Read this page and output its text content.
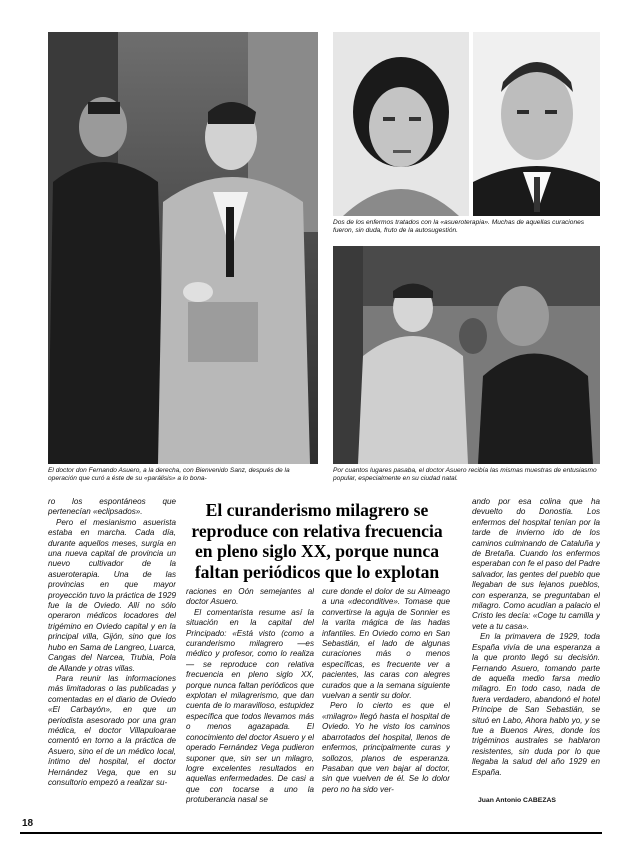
Dos de los enfermos tratados con la «asueroterapia». Muchas de aquellas curaciones fueron, sin duda, fruto de la autosugestión.
El doctor don Fernando Asuero, a la derecha, con Bienvenido Sanz, después de la operación que curó a éste de su «parálisis» a lo bona-
Por cuantos lugares pasaba, el doctor Asuero recibía las mismas muestras de entusiasmo popular, especialmente en su ciudad natal.
El curanderismo milagrero se reproduce con relativa frecuencia en pleno siglo XX, porque nunca faltan periódicos que lo explotan

ro los espontáneos que pertenecían «eclipsados».

Pero el mesianismo asuerista estaba en marcha. Cada día, durante aquellos meses, surgía en una nueva capital de provincia un nuevo cultivador de la asueroterapia. Una de las provincias en que mayor proyección tuvo la práctica de 1929 fue la de Oviedo. Allí no sólo operaron médicos locadores del trigémino en Oviedo capital y en la principal villa, Gijón, sino que los hubo en Sama de Langreo, Luarca, Cangas del Narcea, Trubia, Pola de Allande y otras villas.

Para reunir las informaciones más limitadoras o las publicadas y comentadas en el diario de Oviedo «El Carbayón», en que un periodista asesorado por una gran médica, el doctor Villapuloarae comentó en torno a la práctica de Asuero, sino el de un médico local, íntimo del hospital, el doctor Hernández Vega, que en su consultorio empezó a realizar su-

raciones en Oón semejantes al doctor Asuero.

El comentarista resume así la situación en la capital del Principado: «Está visto (como a curanderismo milagrero —es médico y profesor, como lo realiza— se reproduce con relativa frecuencia en pleno siglo XX, porque nunca faltan periódicos que explotan el milagrerismo, que dan cuenta de lo maravilloso, estupidez específica que todos llevamos más o menos agazapada. El conocimiento del doctor Asuero y el operado Fernández Vega pudieron suponer que, sin ser un milagro, logre excelentes resultados en aquellas enfermedades. De casi a que con tocarse a uno la protuberancia nasal se

cure donde el dolor de su Almeago a una «deconditive». Tomase que convertirse la aguja de Sonnier es la varita mágica de las hadas infantiles. En Oviedo como en San Sebastián, el lado de algunas curaciones más o menos específicas, es frecuente ver a pacientes, las caras con alegres curados que a la semana siguiente vuelvan a sentir su dolor.

Pero lo cierto es que el «milagro» llegó hasta el hospital de Oviedo. Yo he visto los caminos abarrotados del hospital, llenos de enfermos, principalmente curas y sollozos, planos de esperanza. Pasaban que ven bajar al doctor, sin que vuelven de él. Se lo dolor pero no ha sido ver-

ando por esa colina que ha devuelto do Donostia. Los enfermos del hospital tenían por la tarde de invierno ido de los caminos culminando de Cataluña y de Bretaña. Cuando los enfermos esperaban con fe el paso del Padre salvador, las gentes del pueblo que llegaban de sus lejanos pueblos, con esperanza, se preguntaban el milagro. Como acudían a palacio el Cristo les decía: «Coge tu camilla y vete a tu casa».

En la primavera de 1929, toda España vivía de una esperanza a la que pronto llegó su decisión. Fernando Asuero, tomando parte de aquella medio farsa medio milagro. En todo caso, nada de fuera verdadero, abandonó el hotel Príncipe de San Sebastián, se situó en Labo, Ahora hablo yo, y se fue a Buenos Aires, donde los trigéminos australes se hablaron resistentes, sin duda por lo que llegaba la salud del año 1929 en España.

Juan Antonio CABEZAS
18
